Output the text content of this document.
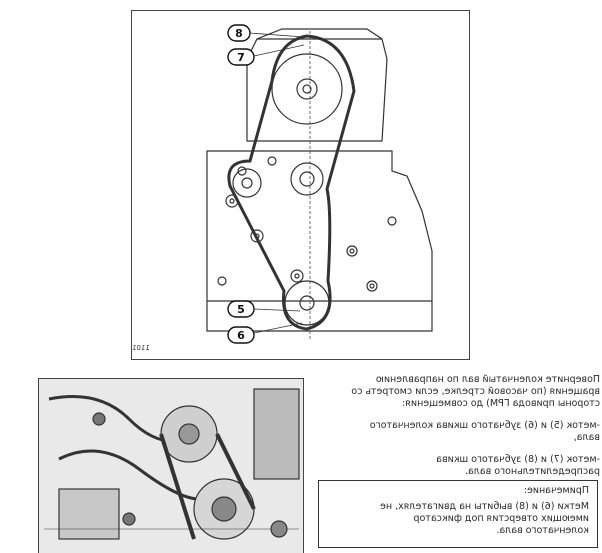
8
7
5
6
1101

Поверните коленчатый вал по направлению
вращения (по часовой стрелке, если смотреть со
стороны привода ГРМ) до совмещения:

-меток (5) и (6) зубчатого шкива коленчатого
вала,

-меток (7) и (8) зубчатого шкива
распределительного вала.

Примечание:
Метки (6) и (8) выбиты на двигателях, не
имеющих отверстия под фиксатор
коленчатого вала.
